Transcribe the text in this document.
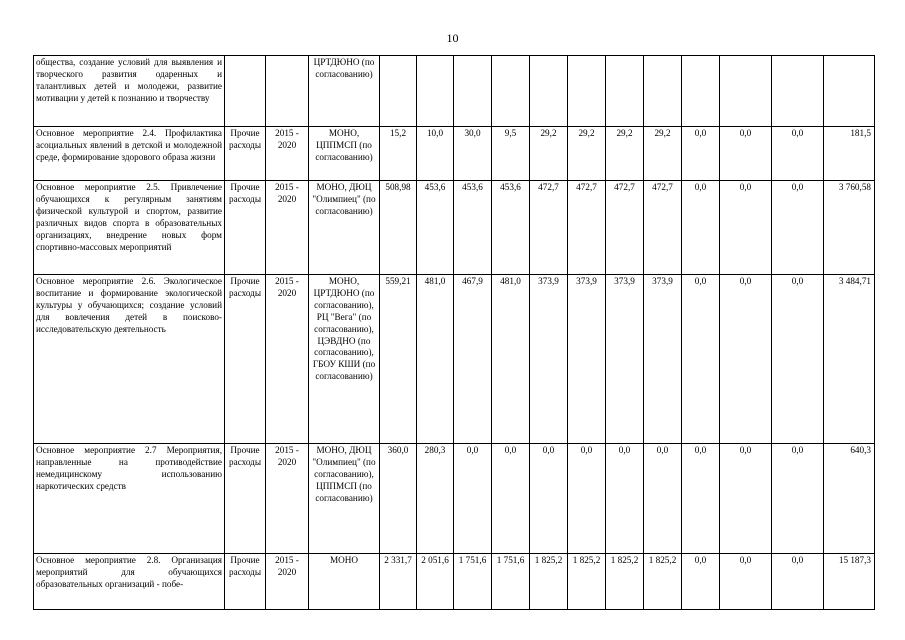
10
общества, создание условий для выявления и творческого развития одаренных и талантливых детей и молодежи, развитие мотивации у детей к познанию и творчеству			ЦРТДЮНО (по согласованию)												
Основное мероприятие 2.4. Профилактика асоциальных явлений в детской и молодежной среде, формирование здорового образа жизни	Прочие расходы	2015 - 2020	МОНО, ЦППМСП (по согласованию)	15,2	10,0	30,0	9,5	29,2	29,2	29,2	29,2	0,0	0,0	0,0	181,5
Основное мероприятие 2.5. Привлечение обучающихся к регулярным занятиям физической культурой и спортом, развитие различных видов спорта в образовательных организациях, внедрение новых форм спортивно-массовых мероприятий	Прочие расходы	2015 - 2020	МОНО, ДЮЦ "Олимпиец" (по согласованию)	508,98	453,6	453,6	453,6	472,7	472,7	472,7	472,7	0,0	0,0	0,0	3 760,58
Основное мероприятие 2.6. Экологическое воспитание и формирование экологической культуры у обучающихся; создание условий для вовлечения детей в поисково-исследовательскую деятельность	Прочие расходы	2015 - 2020	МОНО, ЦРТДЮНО (по согласованию), РЦ "Вега" (по согласованию), ЦЭВДНО (по согласованию), ГБОУ КШИ (по согласованию)	559,21	481,0	467,9	481,0	373,9	373,9	373,9	373,9	0,0	0,0	0,0	3 484,71
Основное мероприятие 2.7 Мероприятия, направленные на противодействие немедицинскому использованию наркотических средств	Прочие расходы	2015 - 2020	МОНО, ДЮЦ "Олимпиец" (по согласованию), ЦППМСП (по согласованию)	360,0	280,3	0,0	0,0	0,0	0,0	0,0	0,0	0,0	0,0	0,0	640,3
Основное мероприятие 2.8. Организация мероприятий для обучающихся образовательных организаций - побе-	Прочие расходы	2015 - 2020	МОНО	2 331,7	2 051,6	1 751,6	1 751,6	1 825,2	1 825,2	1 825,2	1 825,2	0,0	0,0	0,0	15 187,3
